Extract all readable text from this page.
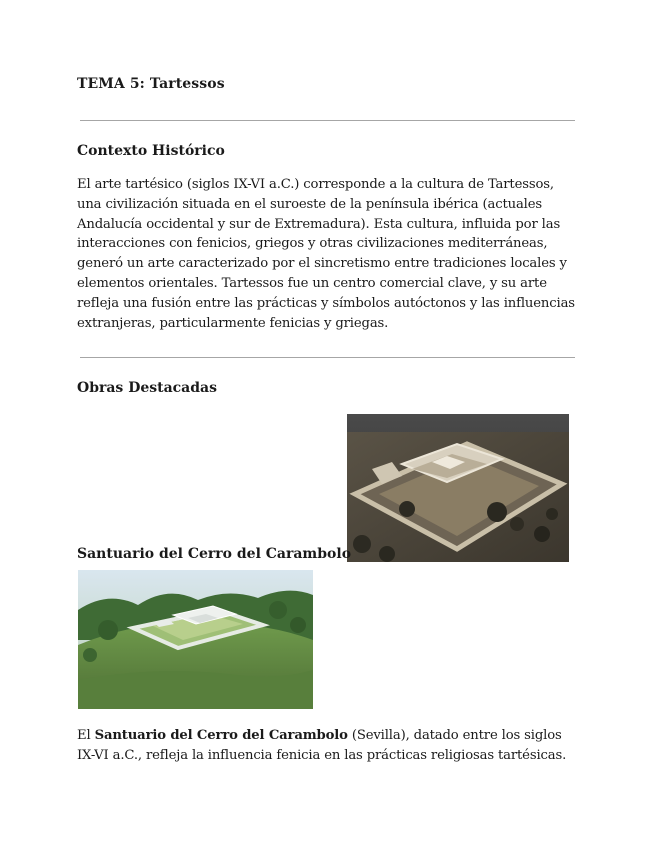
TEMA 5: Tartessos
Contexto Histórico

El arte tartésico (siglos IX-VI a.C.) corresponde a la cultura de Tartessos, una civilización situada en el suroeste de la península ibérica (actuales Andalucía occidental y sur de Extremadura). Esta cultura, influida por las interacciones con fenicios, griegos y otras civilizaciones mediterráneas, generó un arte caracterizado por el sincretismo entre tradiciones locales y elementos orientales. Tartessos fue un centro comercial clave, y su arte refleja una fusión entre las prácticas y símbolos autóctonos y las influencias extranjeras, particularmente fenicias y griegas.

Obras Destacadas
Santuario del Cerro del Carambolo

El Santuario del Cerro del Carambolo (Sevilla), datado entre los siglos IX-VI a.C., refleja la influencia fenicia en las prácticas religiosas tartésicas.
